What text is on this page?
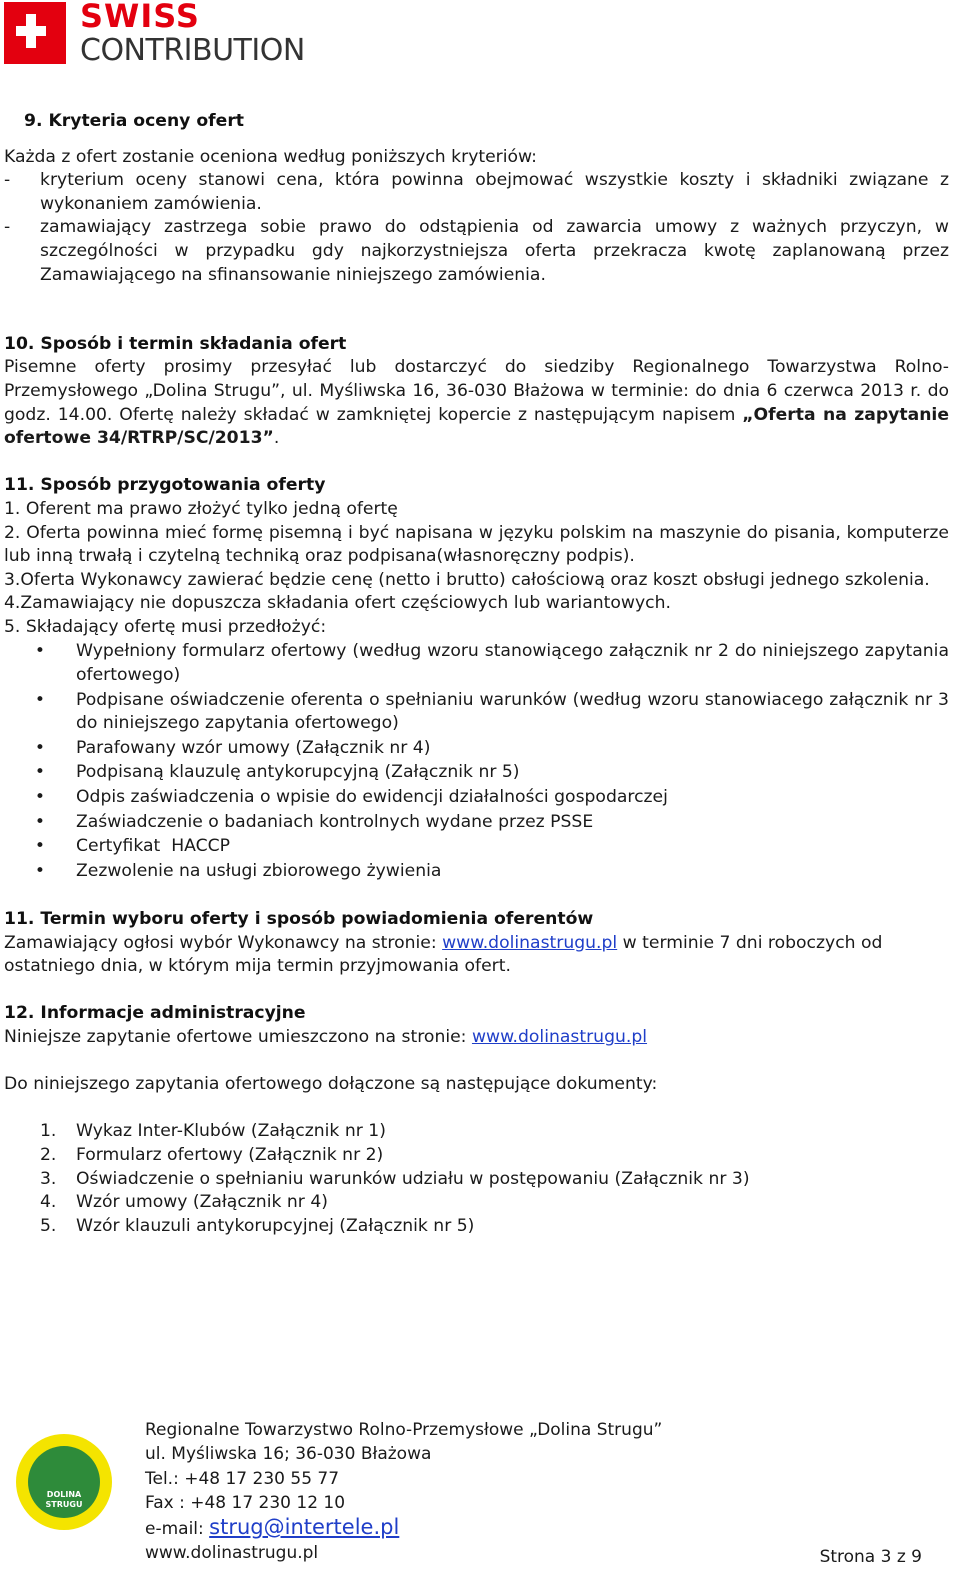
SWISS
CONTRIBUTION

9. Kryteria oceny ofert

Każda z ofert zostanie oceniona według poniższych kryteriów:

-	kryterium oceny stanowi cena, która powinna obejmować wszystkie koszty i składniki związane z wykonaniem zamówienia.
-	zamawiający zastrzega sobie prawo do odstąpienia od zawarcia umowy z ważnych przyczyn, w szczególności w przypadku gdy najkorzystniejsza oferta przekracza kwotę zaplanowaną przez Zamawiającego na sfinansowanie niniejszego zamówienia.

10. Sposób i termin składania ofert

Pisemne oferty prosimy przesyłać lub dostarczyć do siedziby Regionalnego Towarzystwa Rolno-Przemysłowego „Dolina Strugu”, ul. Myśliwska 16, 36-030 Błażowa w terminie: do dnia 6 czerwca 2013 r. do godz. 14.00. Ofertę należy składać w zamkniętej kopercie z następującym napisem „Oferta na zapytanie ofertowe 34/RTRP/SC/2013”.

11. Sposób przygotowania oferty

1. Oferent ma prawo złożyć tylko jedną ofertę

2. Oferta powinna mieć formę pisemną i być napisana w języku polskim na maszynie do pisania, komputerze lub inną trwałą i czytelną techniką oraz podpisana(własnoręczny podpis).

3.Oferta Wykonawcy zawierać będzie cenę (netto i brutto) całościową oraz koszt obsługi jednego szkolenia.

4.Zamawiający nie dopuszcza składania ofert częściowych lub wariantowych.

5. Składający ofertę musi przedłożyć:

•	Wypełniony formularz ofertowy (według wzoru stanowiącego załącznik nr 2 do niniejszego zapytania ofertowego)
•	Podpisane oświadczenie oferenta o spełnianiu warunków (według wzoru stanowiacego załącznik nr 3 do niniejszego zapytania ofertowego)
•	Parafowany wzór umowy (Załącznik nr 4)
•	Podpisaną klauzulę antykorupcyjną (Załącznik nr 5)
•	Odpis zaświadczenia o wpisie do ewidencji działalności gospodarczej
•	Zaświadczenie o badaniach kontrolnych wydane przez PSSE
•	Certyfikat  HACCP
•	Zezwolenie na usługi zbiorowego żywienia

11. Termin wyboru oferty i sposób powiadomienia oferentów

Zamawiający ogłosi wybór Wykonawcy na stronie: www.dolinastrugu.pl w terminie 7 dni roboczych od ostatniego dnia, w którym mija termin przyjmowania ofert.

12. Informacje administracyjne

Niniejsze zapytanie ofertowe umieszczono na stronie: www.dolinastrugu.pl

Do niniejszego zapytania ofertowego dołączone są następujące dokumenty:

1.	Wykaz Inter-Klubów (Załącznik nr 1)
2.	Formularz ofertowy (Załącznik nr 2)
3.	Oświadczenie o spełnianiu warunków udziału w postępowaniu (Załącznik nr 3)
4.	Wzór umowy (Załącznik nr 4)
5.	Wzór klauzuli antykorupcyjnej (Załącznik nr 5)
DOLINA STRUGU
Regionalne Towarzystwo Rolno-Przemysłowe „Dolina Strugu”
ul. Myśliwska 16; 36-030 Błażowa
Tel.: +48 17 230 55 77
Fax : +48 17 230 12 10
e-mail: strug@intertele.pl
www.dolinastrugu.pl	Strona 3 z 9
